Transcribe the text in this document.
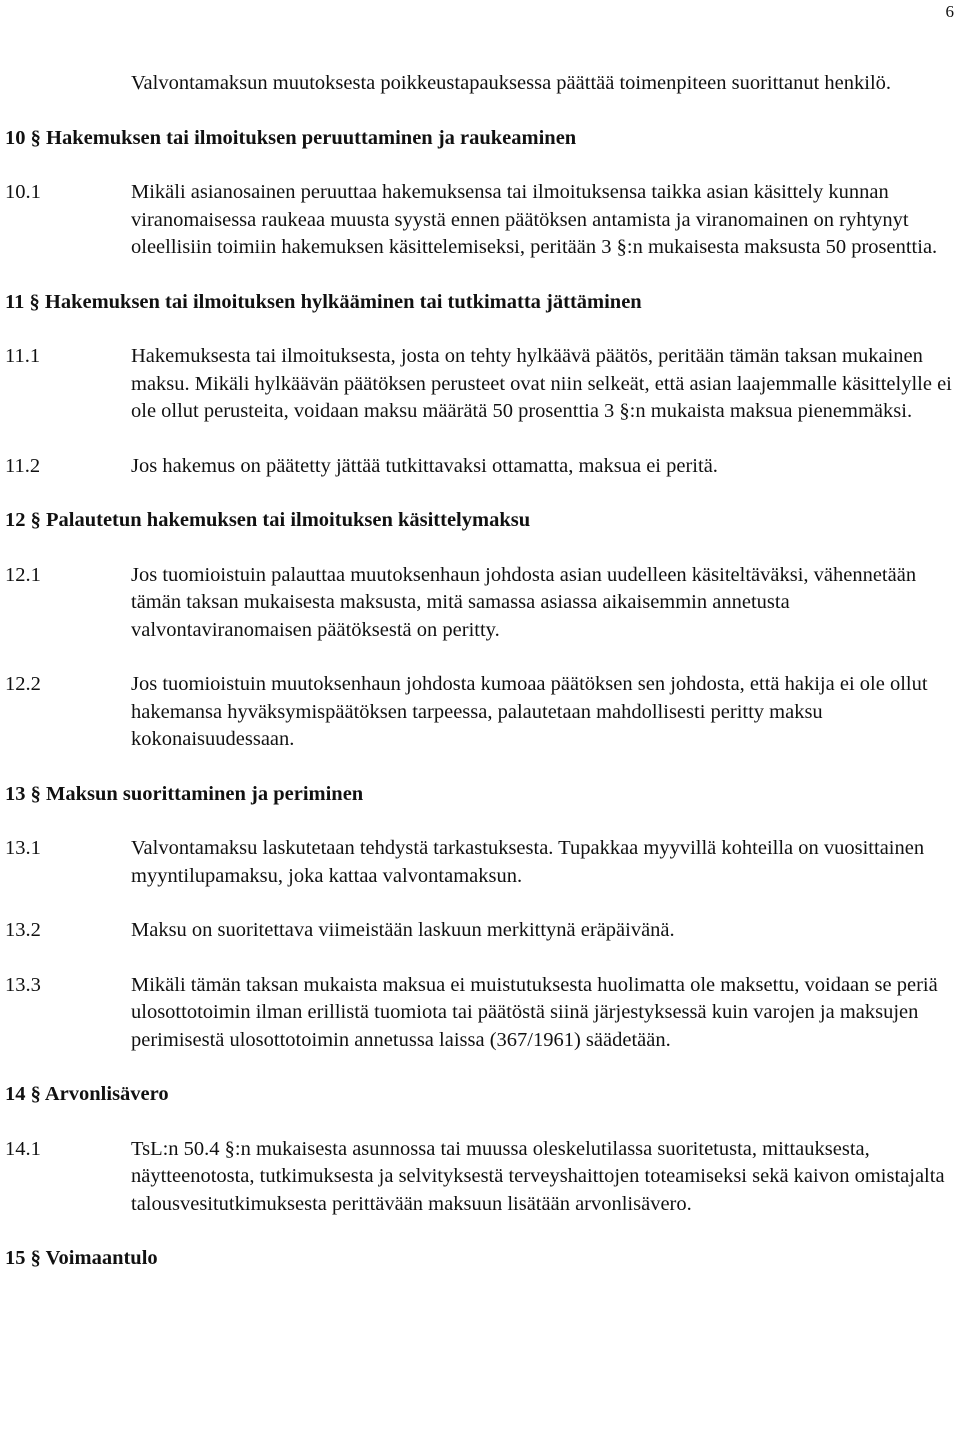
6

Valvontamaksun muutoksesta poikkeustapauksessa päättää toimenpiteen suorittanut henkilö.

10 § Hakemuksen tai ilmoituksen peruuttaminen ja raukeaminen
10.1	Mikäli asianosainen peruuttaa hakemuksensa tai ilmoituksensa taikka asian käsittely kunnan viranomaisessa raukeaa muusta syystä ennen päätöksen antamista ja viranomainen on ryhtynyt oleellisiin toimiin hakemuksen käsittelemiseksi, peritään 3 §:n mukaisesta maksusta 50 prosenttia.
11 § Hakemuksen tai ilmoituksen hylkääminen tai tutkimatta jättäminen
11.1	Hakemuksesta tai ilmoituksesta, josta on tehty hylkäävä päätös, peritään tämän taksan mukainen maksu. Mikäli hylkäävän päätöksen perusteet ovat niin selkeät, että asian laajemmalle käsittelylle ei ole ollut perusteita, voidaan maksu määrätä 50 prosenttia 3 §:n mukaista maksua pienemmäksi.
11.2	Jos hakemus on päätetty jättää tutkittavaksi ottamatta, maksua ei peritä.
12 § Palautetun hakemuksen tai ilmoituksen käsittelymaksu
12.1	Jos tuomioistuin palauttaa muutoksenhaun johdosta asian uudelleen käsiteltäväksi, vähennetään tämän taksan mukaisesta maksusta, mitä samassa asiassa aikaisemmin annetusta valvontaviranomaisen päätöksestä on peritty.
12.2	Jos tuomioistuin muutoksenhaun johdosta kumoaa päätöksen sen johdosta, että hakija ei ole ollut hakemansa hyväksymispäätöksen tarpeessa, palautetaan mahdollisesti peritty maksu kokonaisuudessaan.
13 § Maksun suorittaminen ja periminen
13.1	Valvontamaksu laskutetaan tehdystä tarkastuksesta. Tupakkaa myyvillä kohteilla on vuosittainen myyntilupamaksu, joka kattaa valvontamaksun.
13.2	Maksu on suoritettava viimeistään laskuun merkittynä eräpäivänä.
13.3	Mikäli tämän taksan mukaista maksua ei muistutuksesta huolimatta ole maksettu, voidaan se periä ulosottotoimin ilman erillistä tuomiota tai päätöstä siinä järjestyksessä kuin varojen ja maksujen perimisestä ulosottotoimin annetussa laissa (367/1961) säädetään.
14 § Arvonlisävero
14.1	TsL:n 50.4 §:n mukaisesta asunnossa tai muussa oleskelutilassa suoritetusta, mittauksesta, näytteenotosta, tutkimuksesta ja selvityksestä terveyshaittojen toteamiseksi sekä kaivon omistajalta talousvesitutkimuksesta perittävään maksuun lisätään arvonlisävero.
15 § Voimaantulo
